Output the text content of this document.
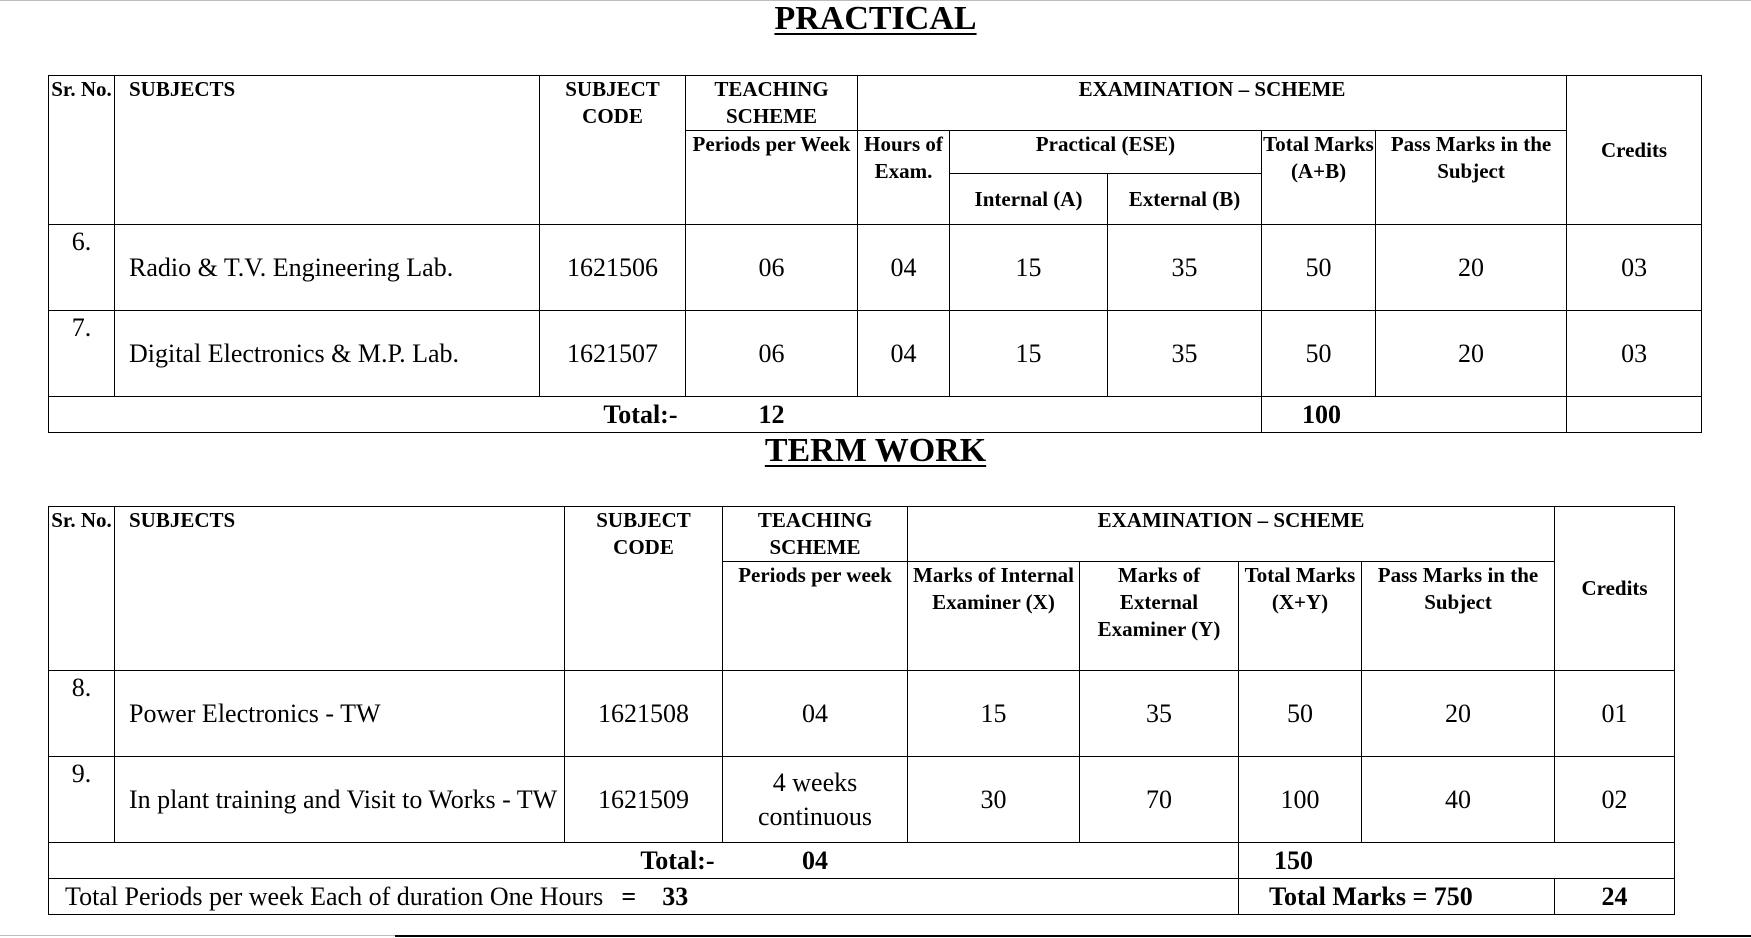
PRACTICAL
Sr. No.	SUBJECTS	SUBJECT CODE	TEACHING SCHEME	EXAMINATION – SCHEME					Credits
			Periods per Week	Hours of Exam.	Practical (ESE)		Total Marks (A+B)	Pass Marks in the Subject	
					Internal (A)	External (B)			
6.	Radio & T.V. Engineering Lab.	1621506	06	04	15	35	50	20	03
7.	Digital Electronics & M.P. Lab.	1621507	06	04	15	35	50	20	03
Total:-			12				100		
TERM WORK
Sr. No.	SUBJECTS	SUBJECT CODE	TEACHING SCHEME	EXAMINATION – SCHEME				Credits
			Periods per week	Marks of Internal Examiner (X)	Marks of External Examiner (Y)	Total Marks (X+Y)	Pass Marks in the Subject	
8.	Power Electronics - TW	1621508	04	15	35	50	20	01
9.	In plant training and Visit to Works - TW	1621509	4 weeks continuous	30	70	100	40	02
Total:-			04			150		
Total Periods per week Each of duration One Hours = 33						Total Marks = 750		24
